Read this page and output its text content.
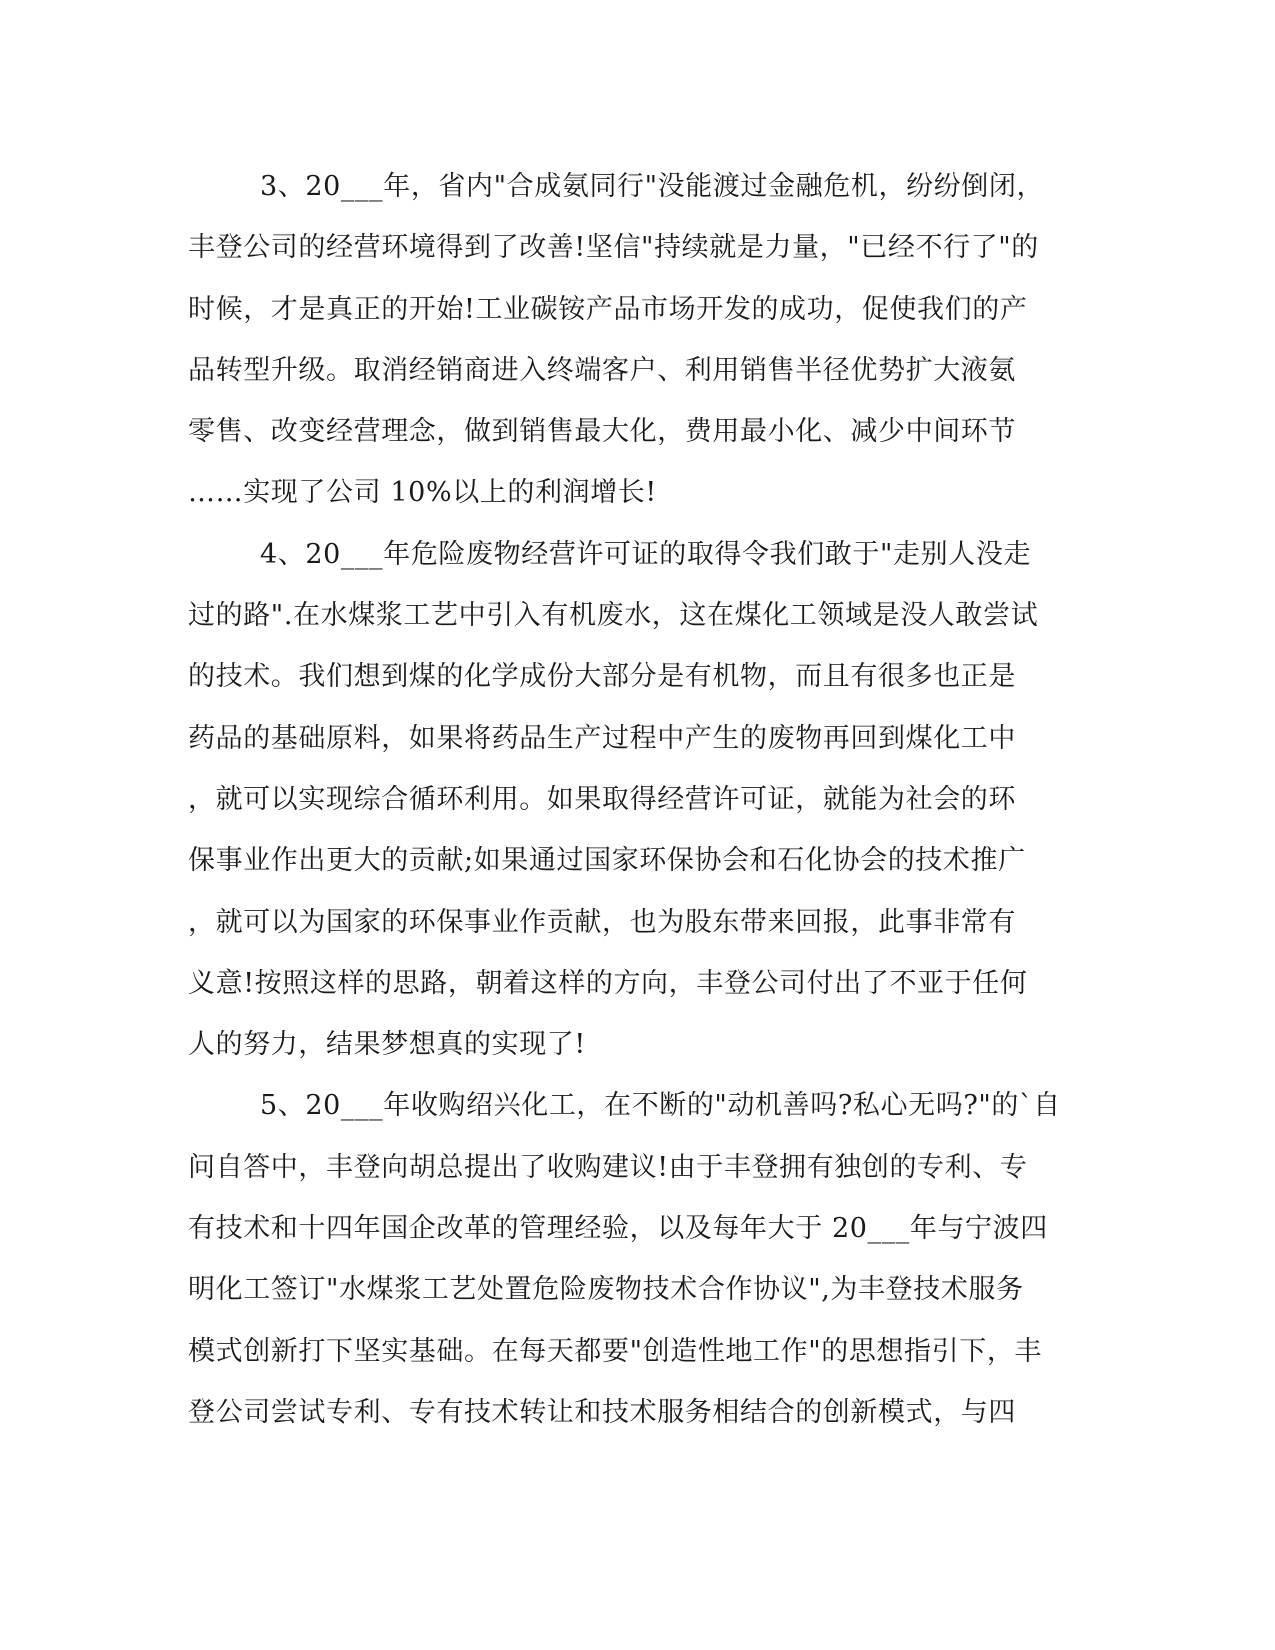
3、20___年，省内"合成氨同行"没能渡过金融危机，纷纷倒闭，
丰登公司的经营环境得到了改善!坚信"持续就是力量，"已经不行了"的
时候，才是真正的开始!工业碳铵产品市场开发的成功，促使我们的产
品转型升级。取消经销商进入终端客户、利用销售半径优势扩大液氨
零售、改变经营理念，做到销售最大化，费用最小化、减少中间环节
……实现了公司 10%以上的利润增长!
4、20___年危险废物经营许可证的取得令我们敢于"走别人没走
过的路".在水煤浆工艺中引入有机废水，这在煤化工领域是没人敢尝试
的技术。我们想到煤的化学成份大部分是有机物，而且有很多也正是
药品的基础原料，如果将药品生产过程中产生的废物再回到煤化工中
，就可以实现综合循环利用。如果取得经营许可证，就能为社会的环
保事业作出更大的贡献;如果通过国家环保协会和石化协会的技术推广
，就可以为国家的环保事业作贡献，也为股东带来回报，此事非常有
义意!按照这样的思路，朝着这样的方向，丰登公司付出了不亚于任何
人的努力，结果梦想真的实现了!
5、20___年收购绍兴化工，在不断的"动机善吗?私心无吗?"的`自
问自答中，丰登向胡总提出了收购建议!由于丰登拥有独创的专利、专
有技术和十四年国企改革的管理经验，以及每年大于 20___年与宁波四
明化工签订"水煤浆工艺处置危险废物技术合作协议",为丰登技术服务
模式创新打下坚实基础。在每天都要"创造性地工作"的思想指引下，丰
登公司尝试专利、专有技术转让和技术服务相结合的创新模式，与四
